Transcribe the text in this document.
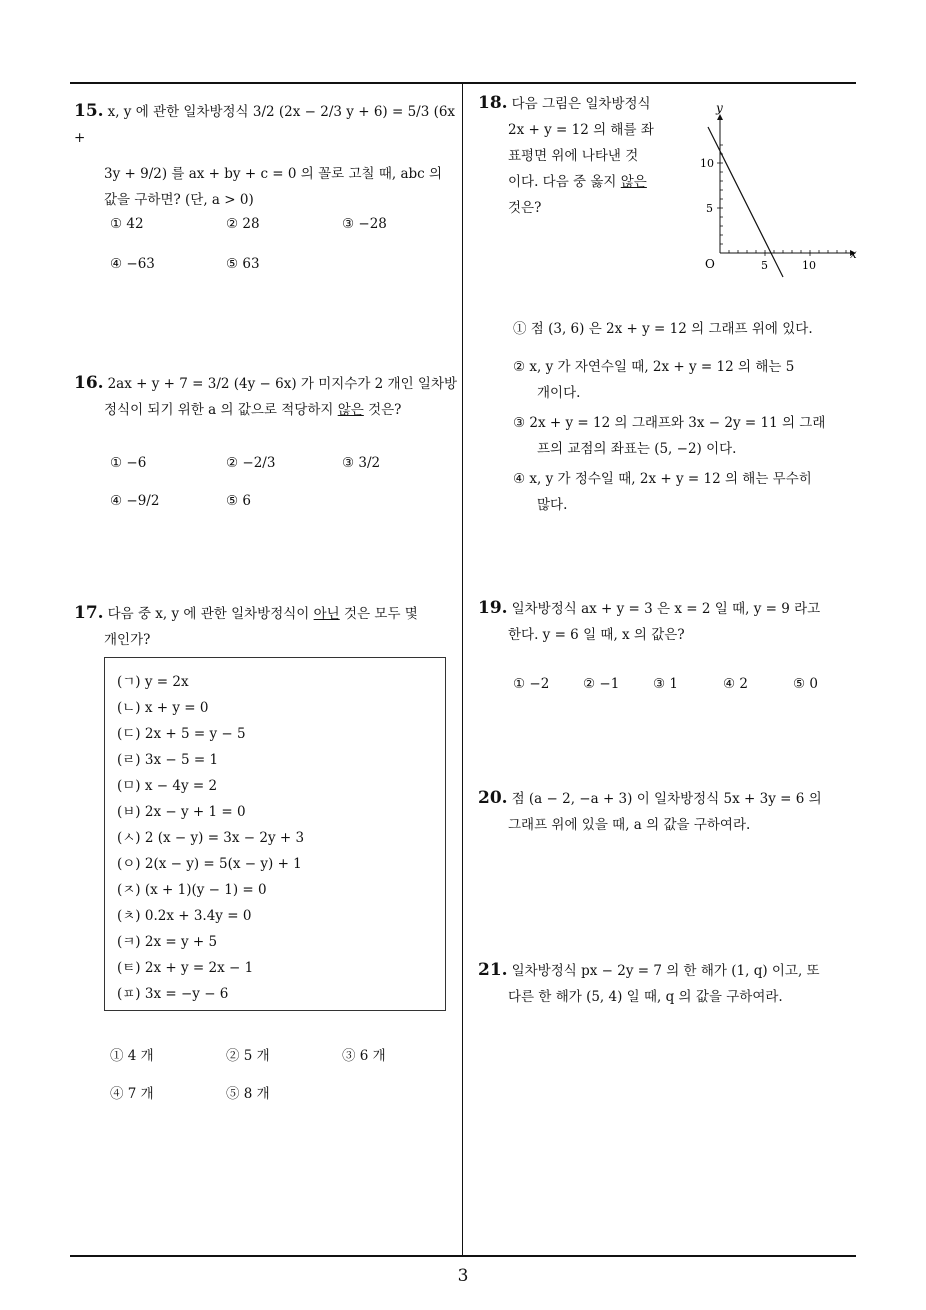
15. x, y 에 관한 일차방정식 3/2 (2x − 2/3 y + 6) = 5/3 (6x +
3y + 9/2) 를 ax + by + c = 0 의 꼴로 고칠 때, abc 의
값을 구하면? (단, a > 0)
① 42	② 28	③ −28
④ −63	⑤ 63
16. 2ax + y + 7 = 3/2 (4y − 6x) 가 미지수가 2 개인 일차방
정식이 되기 위한 a 의 값으로 적당하지 않은 것은?
① −6	② −2/3	③ 3/2
④ −9/2	⑤ 6
17. 다음 중 x, y 에 관한 일차방정식이 아닌 것은 모두 몇
개인가?
(ㄱ) y = 2x
(ㄴ) x + y = 0
(ㄷ) 2x + 5 = y − 5
(ㄹ) 3x − 5 = 1
(ㅁ) x − 4y = 2
(ㅂ) 2x − y + 1 = 0
(ㅅ) 2 (x − y) = 3x − 2y + 3
(ㅇ) 2(x − y) = 5(x − y) + 1
(ㅈ) (x + 1)(y − 1) = 0
(ㅊ) 0.2x + 3.4y = 0
(ㅋ) 2x = y + 5
(ㅌ) 2x + y = 2x − 1
(ㅍ) 3x = −y − 6
① 4 개	② 5 개	③ 6 개
④ 7 개	⑤ 8 개
18. 다음 그림은 일차방정식
2x + y = 12 의 해를 좌
표평면 위에 나타낸 것
이다. 다음 중 옳지 않은
것은?
y
x
O	5	10
5
10
① 점 (3, 6) 은 2x + y = 12 의 그래프 위에 있다.
② x, y 가 자연수일 때, 2x + y = 12 의 해는 5
개이다.
③ 2x + y = 12 의 그래프와 3x − 2y = 11 의 그래
프의 교점의 좌표는 (5, −2) 이다.
④ x, y 가 정수일 때, 2x + y = 12 의 해는 무수히
많다.
19. 일차방정식 ax + y = 3 은 x = 2 일 때, y = 9 라고
한다. y = 6 일 때, x 의 값은?
① −2 ② −1 ③ 1	④ 2	⑤ 0
20. 점 (a − 2, −a + 3) 이 일차방정식 5x + 3y = 6 의
그래프 위에 있을 때, a 의 값을 구하여라.
21. 일차방정식 px − 2y = 7 의 한 해가 (1, q) 이고, 또
다른 한 해가 (5, 4) 일 때, q 의 값을 구하여라.
3
